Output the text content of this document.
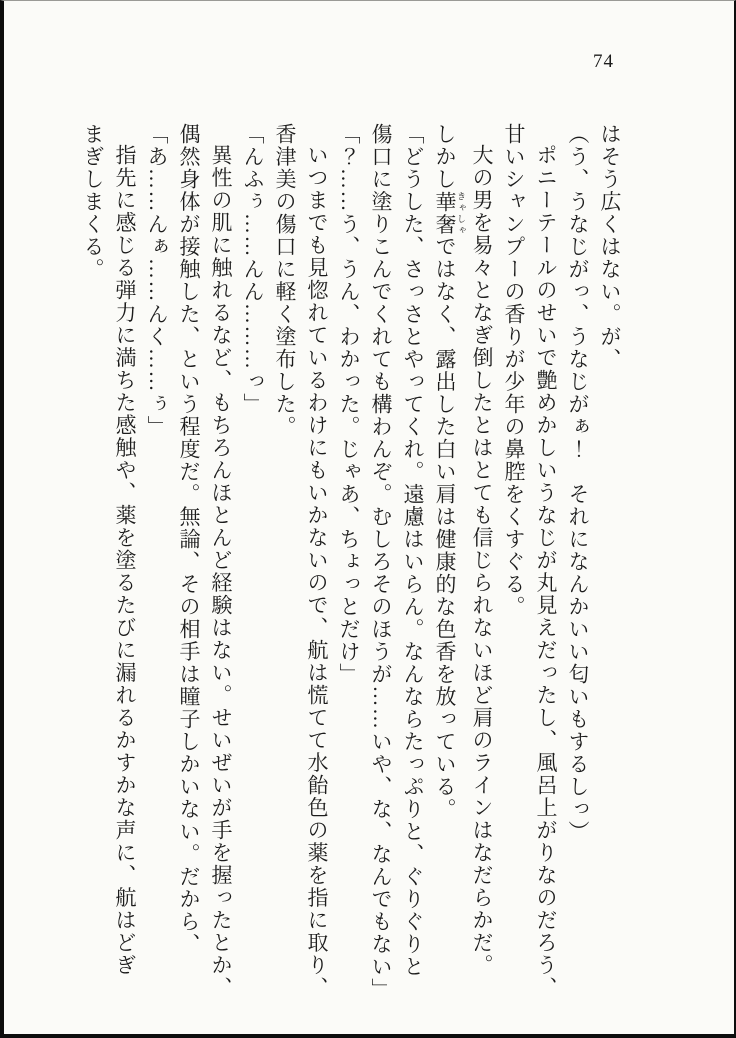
74

はそう広くはない。が、

（う、うなじがっ、うなじがぁ！　それになんかいい匂いもするしっ）

ポニーテールのせいで艶めかしいうなじが丸見えだったし、風呂上がりなのだろう、

甘いシャンプーの香りが少年の鼻腔をくすぐる。

大の男を易々となぎ倒したとはとても信じられないほど肩のラインはなだらかだ。

しかし華奢 きゃしゃではなく、露出した白い肩は健康的な色香を放っている。

「どうした、さっさとやってくれ。遠慮はいらん。なんならたっぷりと、ぐりぐりと

傷口に塗りこんでくれても構わんぞ。むしろそのほうが……いや、な、なんでもない」

「？……う、うん、わかった。じゃあ、ちょっとだけ」

いつまでも見惚れているわけにもいかないので、航は慌てて水飴色の薬を指に取り、

香津美の傷口に軽く塗布した。

「んふぅ……んん………っ」

異性の肌に触れるなど、もちろんほとんど経験はない。せいぜいが手を握ったとか、

偶然身体が接触した、という程度だ。無論、その相手は瞳子しかいない。だから、

「あ……んぁ……んく……ぅ」

指先に感じる弾力に満ちた感触や、薬を塗るたびに漏れるかすかな声に、航はどぎ

まぎしまくる。
